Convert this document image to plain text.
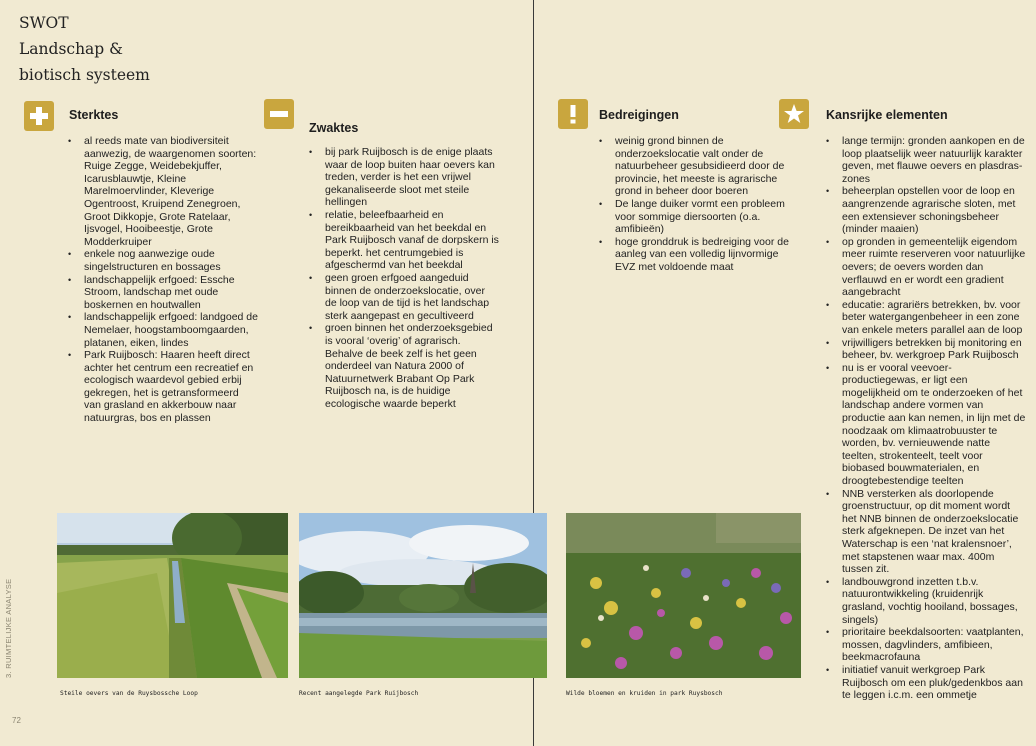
SWOT
Landschap &
biotisch systeem
Sterktes
• al reeds mate van biodiversiteit aanwezig, de waargenomen soorten: Ruige Zegge, Weidebekjuffer, Icarusblauwtje, Kleine Marelmoervlinder, Kleverige Ogentroost, Kruipend Zenegroen, Groot Dikkopje, Grote Ratelaar, Ijsvogel, Hooibeestje, Grote Modderkruiper
• enkele nog aanwezige oude singelstructuren en bossages
• landschappelijk erfgoed: Essche Stroom, landschap met oude boskernen en houtwallen
• landschappelijk erfgoed: landgoed de Nemelaer, hoogstamboomgaarden, platanen, eiken, lindes
• Park Ruijbosch: Haaren heeft direct achter het centrum een recreatief en ecologisch waardevol gebied erbij gekregen, het is getransformeerd van grasland en akkerbouw naar natuurgras, bos en plassen
Zwaktes
• bij park Ruijbosch is de enige plaats waar de loop buiten haar oevers kan treden, verder is het een vrijwel gekanaliseerde sloot met steile hellingen
• relatie, beleefbaarheid en bereikbaarheid van het beekdal en Park Ruijbosch vanaf de dorpskern is beperkt. het centrumgebied is afgeschermd van het beekdal
• geen groen erfgoed aangeduid binnen de onderzoekslocatie, over de loop van de tijd is het landschap sterk aangepast en gecultiveerd
• groen binnen het onderzoeksgebied is vooral ‘overig’ of agrarisch. Behalve de beek zelf is het geen onderdeel van Natura 2000 of Natuurnetwerk Brabant Op Park Ruijbosch na, is de huidige ecologische waarde beperkt
Bedreigingen
• weinig grond binnen de onderzoekslocatie valt onder de natuurbeheer gesubsidieerd door de provincie, het meeste is agrarische grond in beheer door boeren
• De lange duiker vormt een probleem voor sommige diersoorten (o.a. amfibieën)
• hoge gronddruk is bedreiging voor de aanleg van een volledig lijnvormige EVZ met voldoende maat
Kansrijke elementen
• lange termijn: gronden aankopen en de loop plaatselijk weer natuurlijk karakter geven, met flauwe oevers en plasdras-zones
• beheerplan opstellen voor de loop en aangrenzende agrarische sloten, met een extensiever schoningsbeheer (minder maaien)
• op gronden in gemeentelijk eigendom meer ruimte reserveren voor natuurlijke oevers; de oevers worden dan verflauwd en er wordt een gradient aangebracht
• educatie: agrariërs betrekken, bv. voor beter watergangenbeheer in een zone van enkele meters parallel aan de loop
• vrijwilligers betrekken bij monitoring en beheer, bv. werkgroep Park Ruijbosch
• nu is er vooral veevoer-productiegewas, er ligt een mogelijkheid om te onderzoeken of het landschap andere vormen van productie aan kan nemen, in lijn met de noodzaak om klimaatrobuuster te worden, bv. vernieuwende natte teelten, strokenteelt, teelt voor biobased bouwmaterialen, en droogtebestendige teelten
• NNB versterken als doorlopende groenstructuur, op dit moment wordt het NNB binnen de onderzoekslocatie sterk afgeknepen. De inzet van het Waterschap is een ‘nat kralensnoer’, met stapstenen waar max. 400m tussen zit.
• landbouwgrond inzetten t.b.v. natuurontwikkeling (kruidenrijk grasland, vochtig hooiland, bossages, singels)
• prioritaire beekdalsoorten: vaatplanten, mossen, dagvlinders, amfibieen, beekmacrofauna
• initiatief vanuit werkgroep Park Ruijbosch om een pluk/gedenkbos aan te leggen i.c.m. een ommetje
Steile oevers van de Ruysbossche Loop	Recent aangelegde Park Ruijbosch	Wilde bloemen en kruiden in park Ruysbosch
3. RUIMTELIJKE ANALYSE
72
